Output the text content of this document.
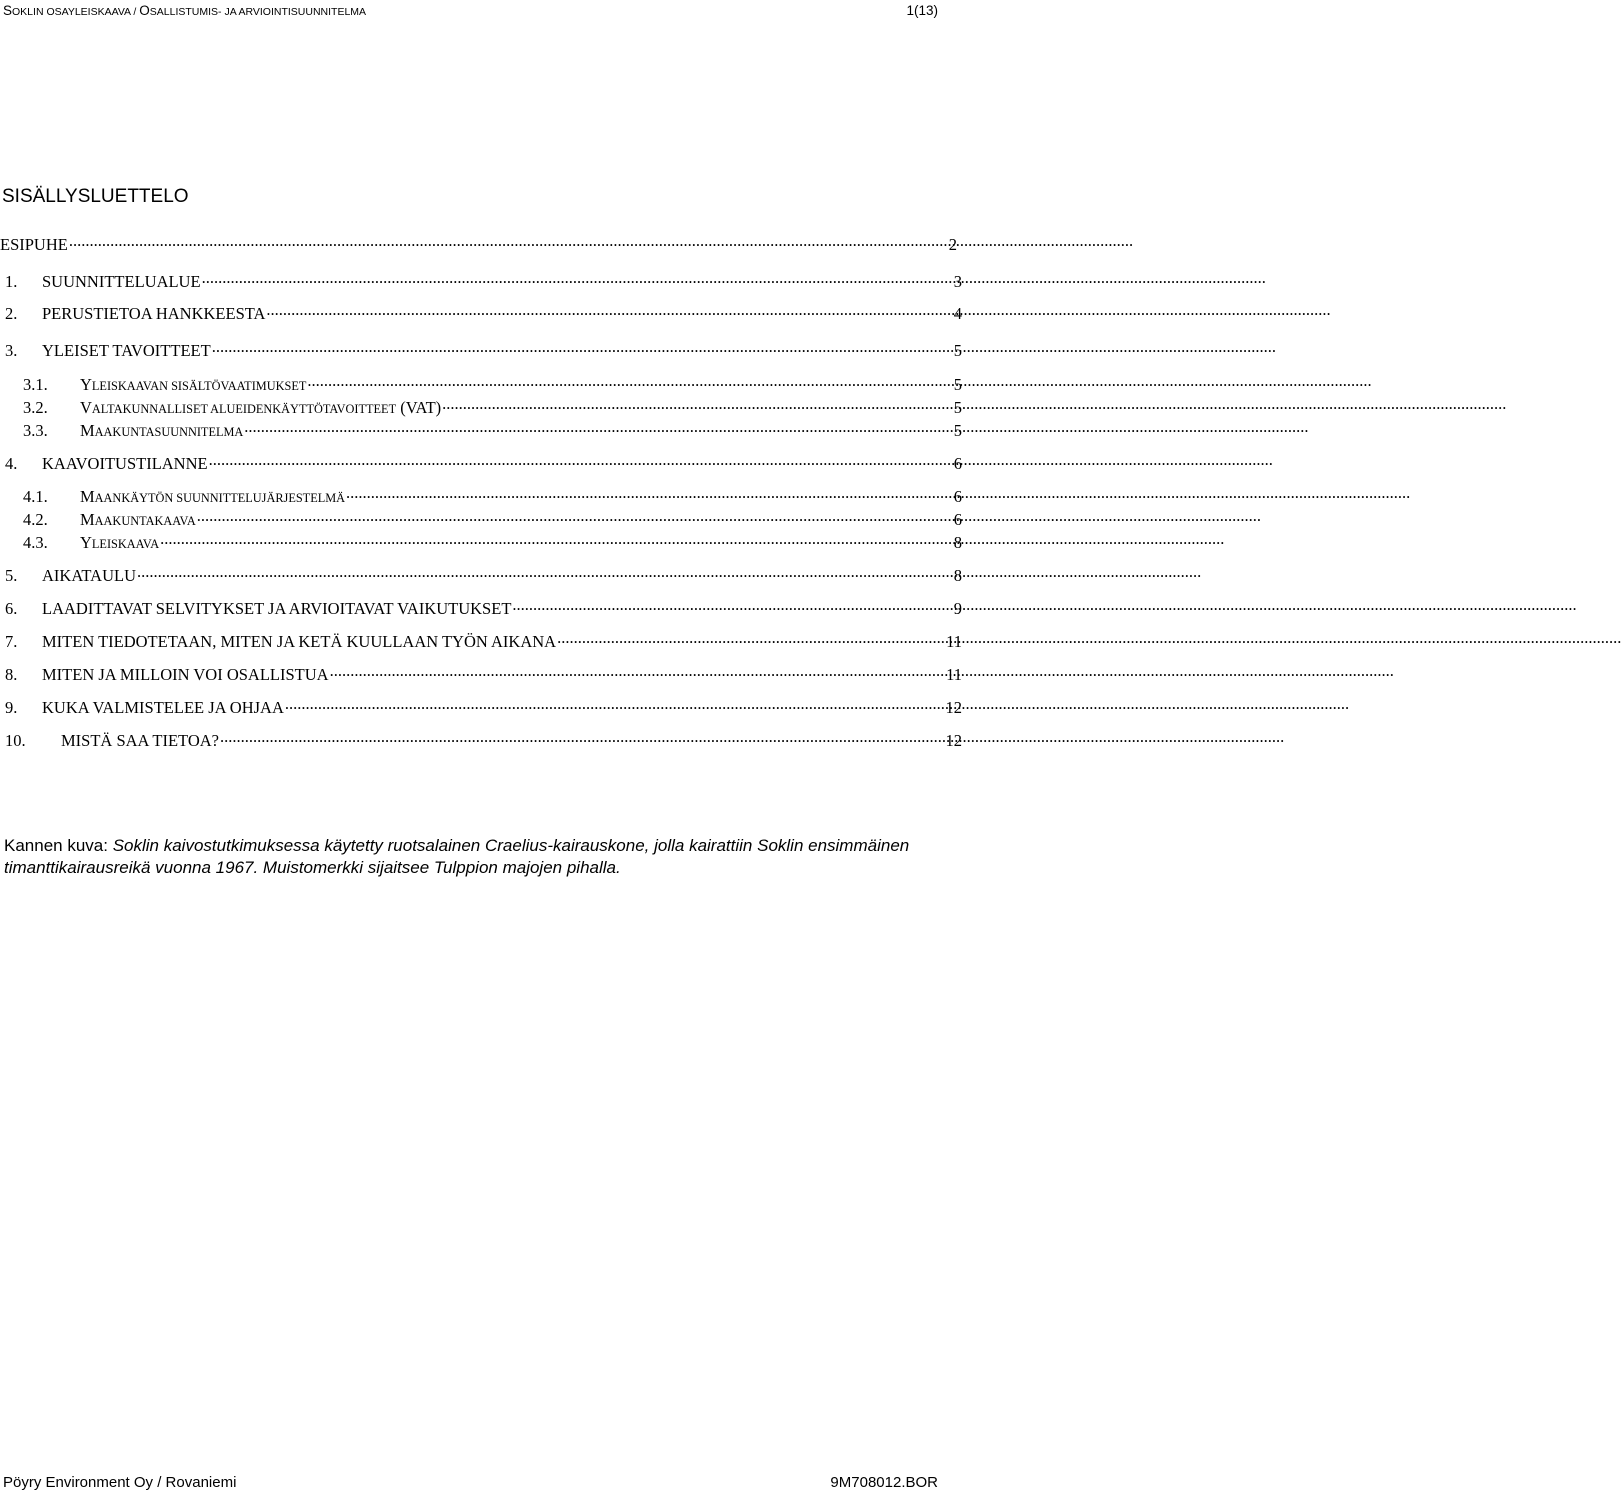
SOKLIN OSAYLEISKAAVA / OSALLISTUMIS- JA ARVIOINTISUUNNITELMA	1(13)
SISÄLLYSLUETTELO
ESIPUHE .....	2
1.	SUUNNITTELUALUE .....	3
2.	PERUSTIETOA HANKKEESTA .....	4
3.	YLEISET TAVOITTEET .....	5
3.1.	YLEISKAAVAN SISÄLTÖVAATIMUKSET .....	5
3.2.	VALTAKUNNALLISET ALUEIDENKÄYTTÖTAVOITTEET (VAT) .....	5
3.3.	MAAKUNTASUUNNITELMA .....	5
4.	KAAVOITUSTILANNE .....	6
4.1.	MAANKÄYTÖN SUUNNITTELUJÄRJESTELMÄ .....	6
4.2.	MAAKUNTAKAAVA .....	6
4.3.	YLEISKAAVA .....	8
5.	AIKATAULU .....	8
6.	LAADITTAVAT SELVITYKSET JA ARVIOITAVAT VAIKUTUKSET .....	9
7.	MITEN TIEDOTETAAN, MITEN JA KETÄ KUULLAAN TYÖN AIKANA .....	11
8.	MITEN JA MILLOIN VOI OSALLISTUA .....	11
9.	KUKA VALMISTELEE JA OHJAA .....	12
10.	MISTÄ SAA TIETOA? .....	12
Kannen kuva: Soklin kaivostutkimuksessa käytetty ruotsalainen Craelius-kairauskone, jolla kairattiin Soklin ensimmäinen timanttikairausreikä vuonna 1967. Muistomerkki sijaitsee Tulppion majojen pihalla.
Pöyry Environment Oy / Rovaniemi	9M708012.BOR
